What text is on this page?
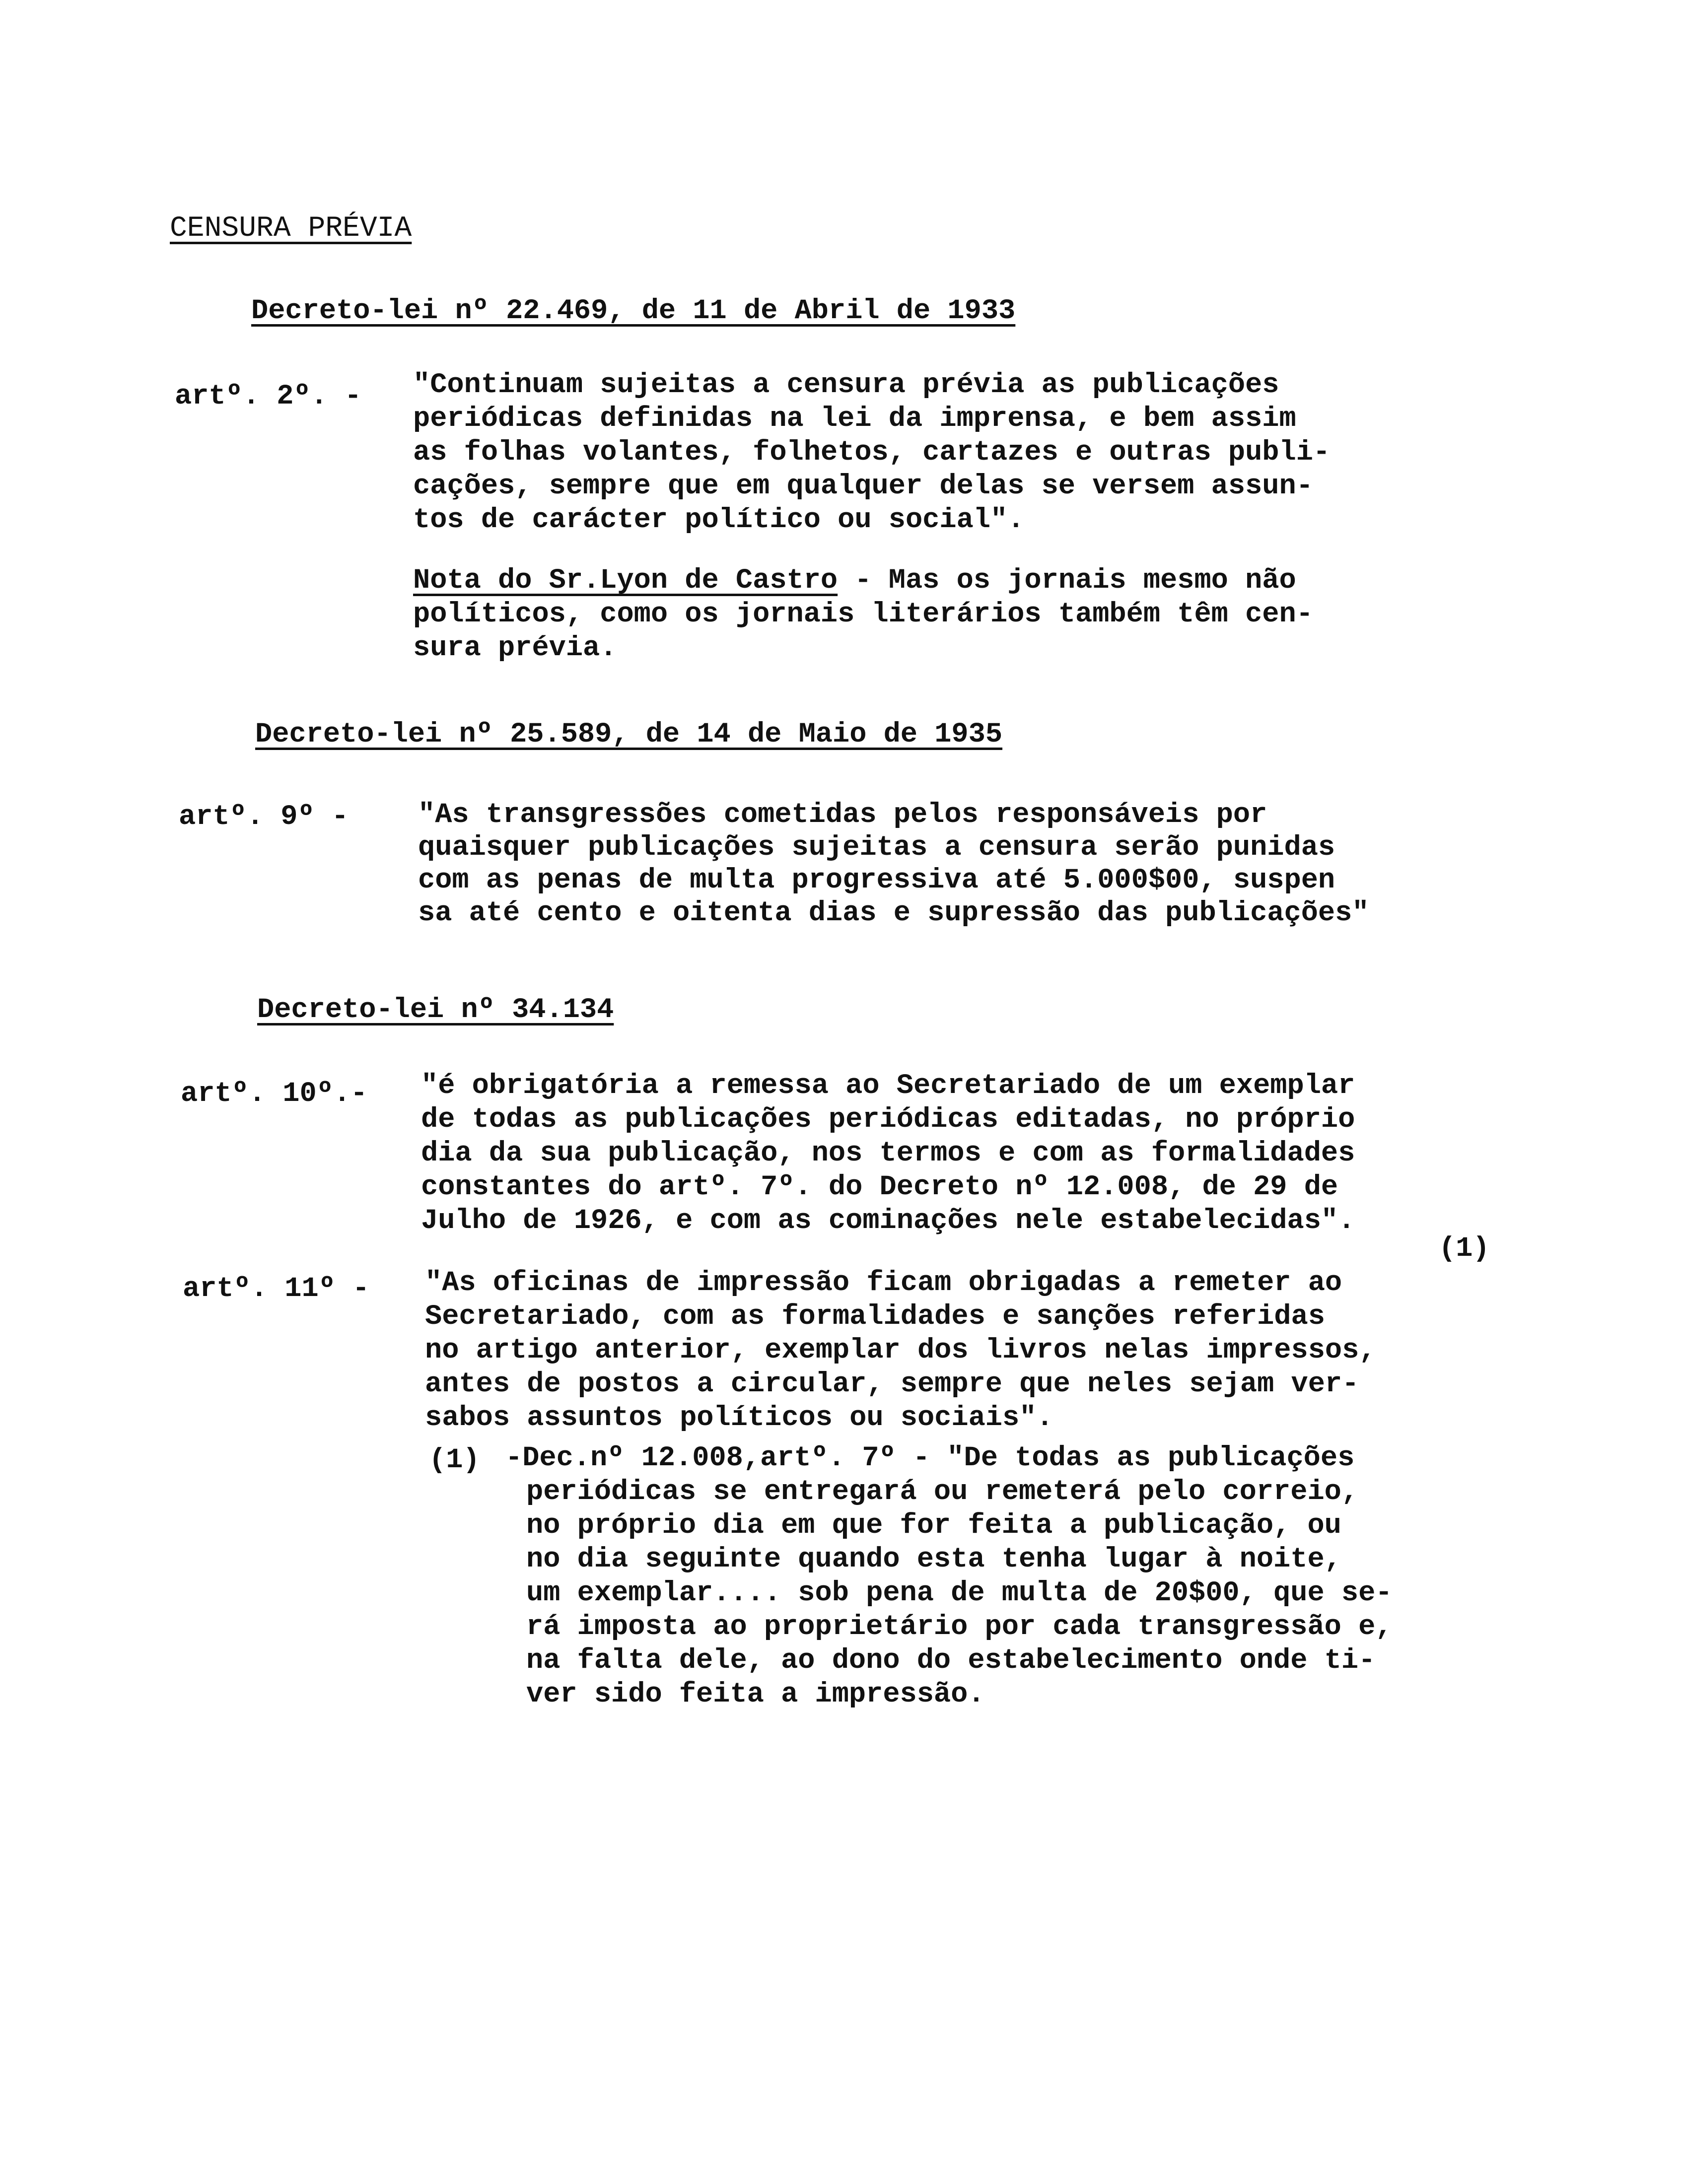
CENSURA PRÉVIA
Decreto-lei nº 22.469, de 11 de Abril de 1933
artº. 2º. - "Continuam sujeitas a censura prévia as publicações
periódicas definidas na lei da imprensa, e bem assim
as folhas volantes, folhetos, cartazes e outras publi-
cações, sempre que em qualquer delas se versem assun-
tos de carácter político ou social".
Nota do Sr.Lyon de Castro - Mas os jornais mesmo não
políticos, como os jornais literários também têm cen-
sura prévia.
Decreto-lei nº 25.589, de 14 de Maio de 1935
artº. 9º - "As transgressões cometidas pelos responsáveis por
quaisquer publicações sujeitas a censura serão punidas
com as penas de multa progressiva até 5.000$00, suspen
sa até cento e oitenta dias e supressão das publicações"
Decreto-lei nº 34.134
artº. 10º.- "é obrigatória a remessa ao Secretariado de um exemplar
de todas as publicações periódicas editadas, no próprio
dia da sua publicação, nos termos e com as formalidades
constantes do artº. 7º. do Decreto nº 12.008, de 29 de
Julho de 1926, e com as cominações nele estabelecidas".
(1)
artº. 11º - "As oficinas de impressão ficam obrigadas a remeter ao
Secretariado, com as formalidades e sanções referidas
no artigo anterior, exemplar dos livros nelas impressos,
antes de postos a circular, sempre que neles sejam ver-
sabos assuntos políticos ou sociais".
(1) -Dec.nº 12.008,artº. 7º - "De todas as publicações
periódicas se entregará ou remeterá pelo correio,
no próprio dia em que for feita a publicação, ou
no dia seguinte quando esta tenha lugar à noite,
um exemplar.... sob pena de multa de 20$00, que se-
rá imposta ao proprietário por cada transgressão e,
na falta dele, ao dono do estabelecimento onde ti-
ver sido feita a impressão.
